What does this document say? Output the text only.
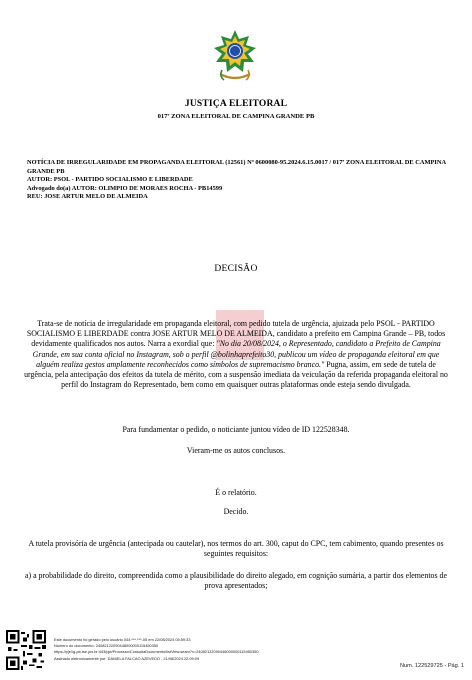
JUSTIÇA ELEITORAL
017ª ZONA ELEITORAL DE CAMPINA GRANDE PB
NOTÍCIA DE IRREGULARIDADE EM PROPAGANDA ELEITORAL (12561) Nº 0600080-95.2024.6.15.0017 / 017ª ZONA ELEITORAL DE CAMPINA GRANDE PB
AUTOR: PSOL - PARTIDO SOCIALISMO E LIBERDADE
Advogado do(a) AUTOR: OLIMPIO DE MORAES ROCHA - PB14599
REU: JOSE ARTUR MELO DE ALMEIDA
DECISÃO
Trata-se de notícia de irregularidade em propaganda eleitoral, com pedido tutela de urgência, ajuizada pelo PSOL - PARTIDO SOCIALISMO E LIBERDADE contra JOSE ARTUR MELO DE ALMEIDA, candidato a prefeito em Campina Grande – PB, todos devidamente qualificados nos autos. Narra a exordial que: "No dia 20/08/2024, o Representado, candidato a Prefeito de Campina Grande, em sua conta oficial no Instagram, sob o perfil @bolinhaprefeito30, publicou um vídeo de propaganda eleitoral em que alguém realiza gestos amplamente reconhecidos como símbolos de supremacismo branco." Pugna, assim, em sede de tutela de urgência, pela antecipação dos efeitos da tutela de mérito, com a suspensão imediata da veiculação da referida propaganda eleitoral no perfil do Instagram do Representado, bem como em quaisquer outras plataformas onde esteja sendo divulgada.
Para fundamentar o pedido, o noticiante juntou vídeo de ID 122528348.
Vieram-me os autos conclusos.
É o relatório.
Decido.
A tutela provisória de urgência (antecipada ou cautelar), nos termos do art. 300, caput do CPC, tem cabimento, quando presentes os seguintes requisitos:
a) a probabilidade do direito, compreendida como a plausibilidade do direito alegado, em cognição sumária, a partir dos elementos de prova apresentados;
Este documento foi gerado pelo usuário 044.***.***-05 em 22/08/2024 05:59:33
Número do documento: 24082122090448000000115450350
https://pje1g-pb.tse.jus.br:443/pje/Processo/ConsultaDocumento/listView.seam?x=24082122090448000000115450350
Assinado eletronicamente por: DANIELA FALCAO AZEVEDO - 21/08/2024 22:09:09
Num. 122529725 - Pág. 1
